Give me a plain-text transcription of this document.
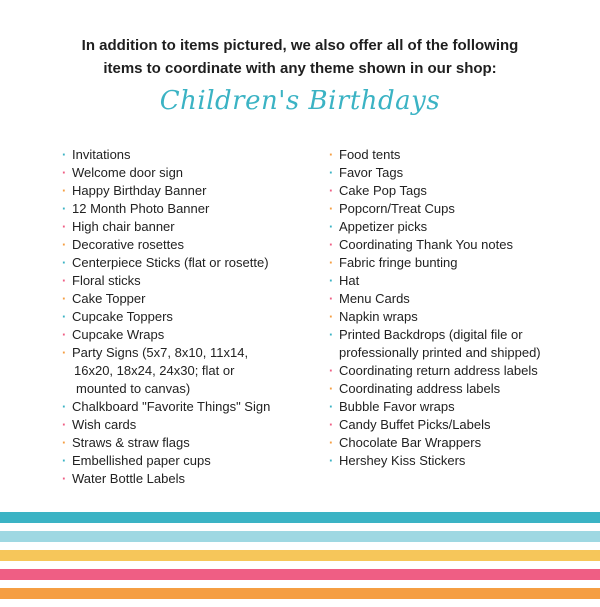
In addition to items pictured, we also offer all of the following
items to coordinate with any theme shown in our shop:
Children's Birthdays
· Invitations
· Welcome door sign
· Happy Birthday Banner
· 12 Month Photo Banner
· High chair banner
· Decorative rosettes
· Centerpiece Sticks (flat or rosette)
· Floral sticks
· Cake Topper
· Cupcake Toppers
· Cupcake Wraps
· Party Signs (5x7, 8x10, 11x14,
16x20, 18x24, 24x30; flat or
mounted to canvas)
· Chalkboard "Favorite Things" Sign
· Wish cards
· Straws & straw flags
· Embellished paper cups
· Water Bottle Labels
· Food tents
· Favor Tags
· Cake Pop Tags
· Popcorn/Treat Cups
· Appetizer picks
· Coordinating Thank You notes
· Fabric fringe bunting
· Hat
· Menu Cards
· Napkin wraps
· Printed Backdrops (digital file or
professionally printed and shipped)
· Coordinating return address labels
· Coordinating address labels
· Bubble Favor wraps
· Candy Buffet Picks/Labels
· Chocolate Bar Wrappers
· Hershey Kiss Stickers
